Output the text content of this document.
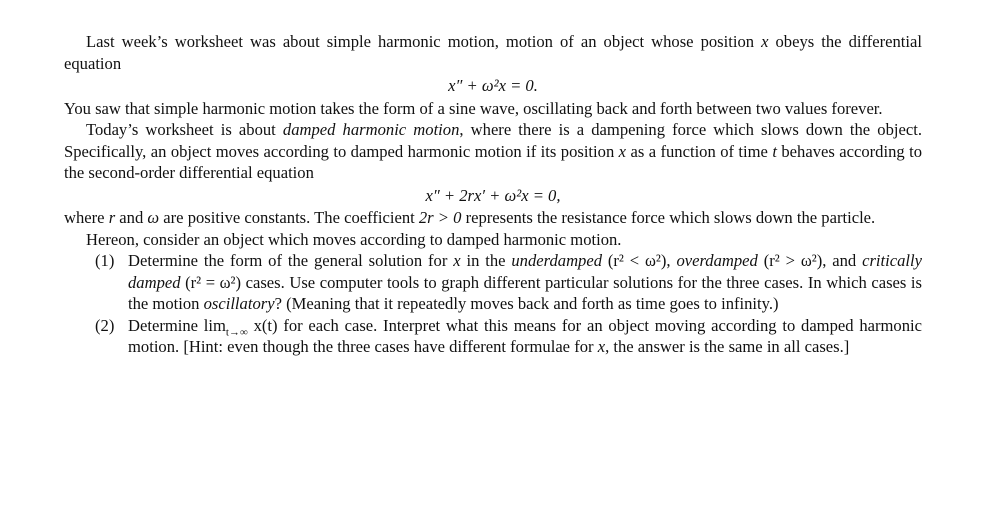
Last week’s worksheet was about simple harmonic motion, motion of an object whose position x obeys the differential equation

x″ + ω²x = 0.

You saw that simple harmonic motion takes the form of a sine wave, oscillating back and forth between two values forever.

Today’s worksheet is about damped harmonic motion, where there is a dampening force which slows down the object. Specifically, an object moves according to damped harmonic motion if its position x as a function of time t behaves according to the second-order differential equation

x″ + 2rx′ + ω²x = 0,

where r and ω are positive constants. The coefficient 2r > 0 represents the resistance force which slows down the particle.

Hereon, consider an object which moves according to damped harmonic motion.

(1) Determine the form of the general solution for x in the underdamped (r² < ω²), overdamped (r² > ω²), and critically damped (r² = ω²) cases. Use computer tools to graph different particular solutions for the three cases. In which cases is the motion oscillatory? (Meaning that it repeatedly moves back and forth as time goes to infinity.)
(2) Determine $\lim_{t\to\infty} x(t)$ for each case. Interpret what this means for an object moving according to damped harmonic motion. [Hint: even though the three cases have different formulae for x, the answer is the same in all cases.]
